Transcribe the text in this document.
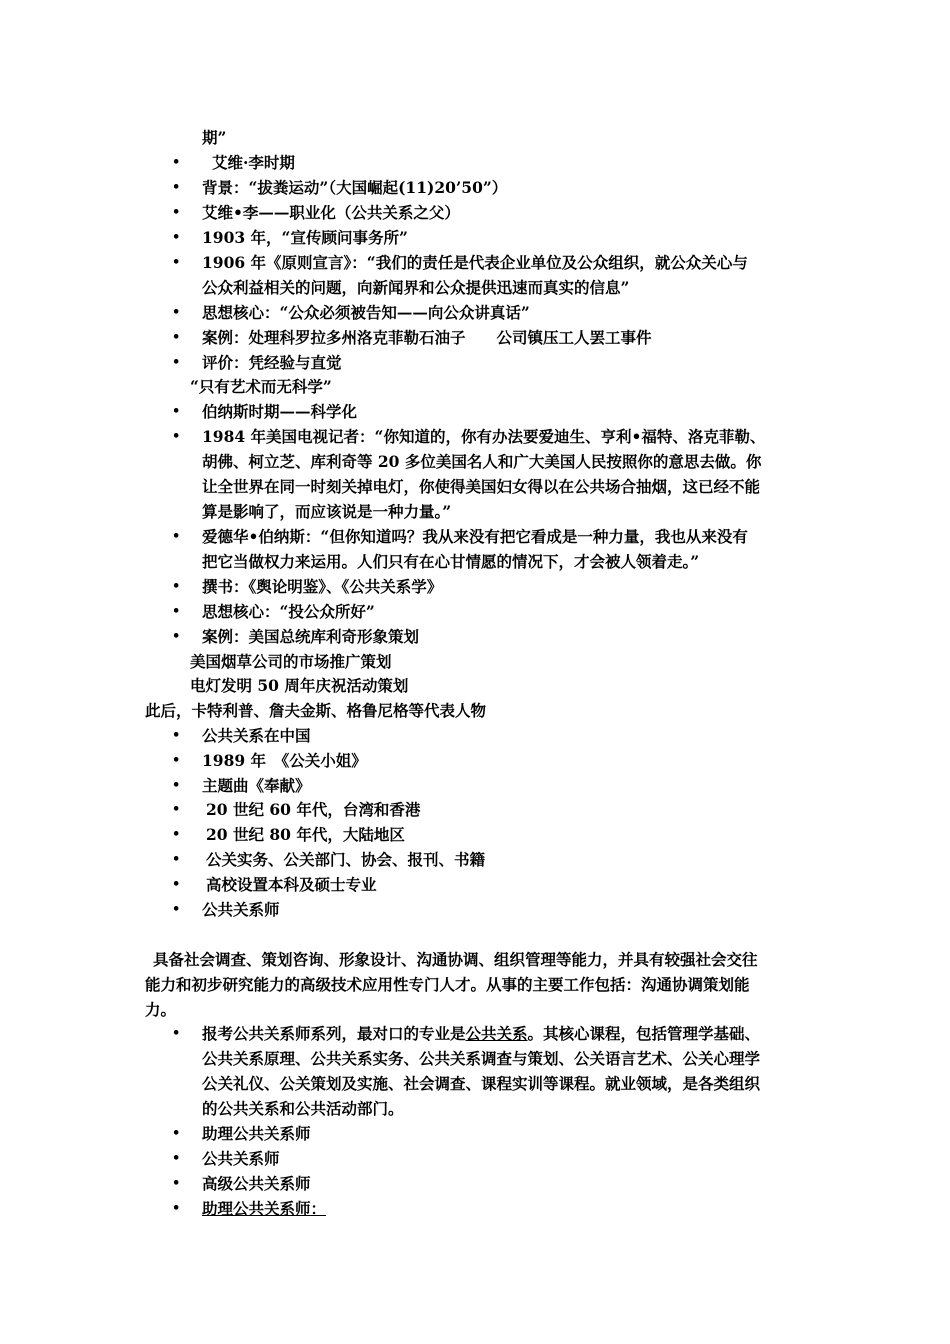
期”
• 艾维·李时期
• 背景：“拔粪运动”（大国崛起(11)20’50”）
• 艾维•李——职业化（公共关系之父）
• 1903 年，“宣传顾问事务所”
• 1906 年《原则宣言》：“我们的责任是代表企业单位及公众组织，就公众关心与
公众利益相关的问题，向新闻界和公众提供迅速而真实的信息”
• 思想核心：“公众必须被告知——向公众讲真话”
• 案例：处理科罗拉多州洛克菲勒石油子　　公司镇压工人罢工事件
• 评价：凭经验与直觉
“只有艺术而无科学”
• 伯纳斯时期——科学化
• 1984 年美国电视记者：“你知道的，你有办法要爱迪生、亨利•福特、洛克菲勒、
胡佛、柯立芝、库利奇等 20 多位美国名人和广大美国人民按照你的意思去做。你
让全世界在同一时刻关掉电灯，你使得美国妇女得以在公共场合抽烟，这已经不能
算是影响了，而应该说是一种力量。”
• 爱德华•伯纳斯：“但你知道吗？我从来没有把它看成是一种力量，我也从来没有
把它当做权力来运用。人们只有在心甘情愿的情况下，才会被人领着走。”
• 撰书：《舆论明鉴》、《公共关系学》
• 思想核心：“投公众所好”
• 案例：美国总统库利奇形象策划
美国烟草公司的市场推广策划
电灯发明 50 周年庆祝活动策划
此后，卡特利普、詹夫金斯、格鲁尼格等代表人物
• 公共关系在中国
• 1989 年　《公关小姐》
• 主题曲《奉献》
• 20 世纪 60 年代，台湾和香港
• 20 世纪 80 年代，大陆地区
• 公关实务、公关部门、协会、报刊、书籍
• 高校设置本科及硕士专业
• 公共关系师
具备社会调查、策划咨询、形象设计、沟通协调、组织管理等能力，并具有较强社会交往
能力和初步研究能力的高级技术应用性专门人才。从事的主要工作包括：沟通协调策划能
力。
• 报考公共关系师系列，最对口的专业是公共关系。其核心课程，包括管理学基础、
公共关系原理、公共关系实务、公共关系调查与策划、公关语言艺术、公关心理学
公关礼仪、公关策划及实施、社会调查、课程实训等课程。就业领域，是各类组织
的公共关系和公共活动部门。
• 助理公共关系师
• 公共关系师
• 高级公共关系师
• 助理公共关系师：
